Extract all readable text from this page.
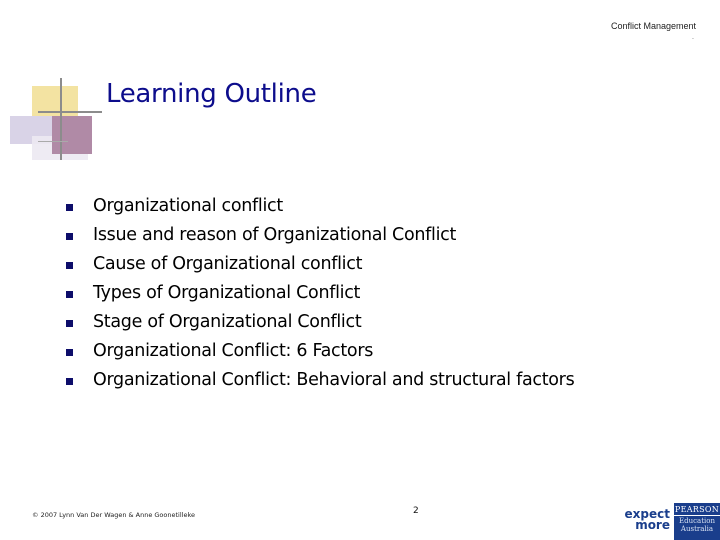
Conflict Management
.
Learning Outline
Organizational conflict
Issue and reason of Organizational Conflict
Cause of Organizational conflict
Types of Organizational Conflict
Stage of Organizational Conflict
Organizational Conflict: 6 Factors
Organizational Conflict: Behavioral and structural factors
© 2007 Lynn Van Der Wagen & Anne Goonetilleke	2	expect
more
PEARSON
Education
Australia
